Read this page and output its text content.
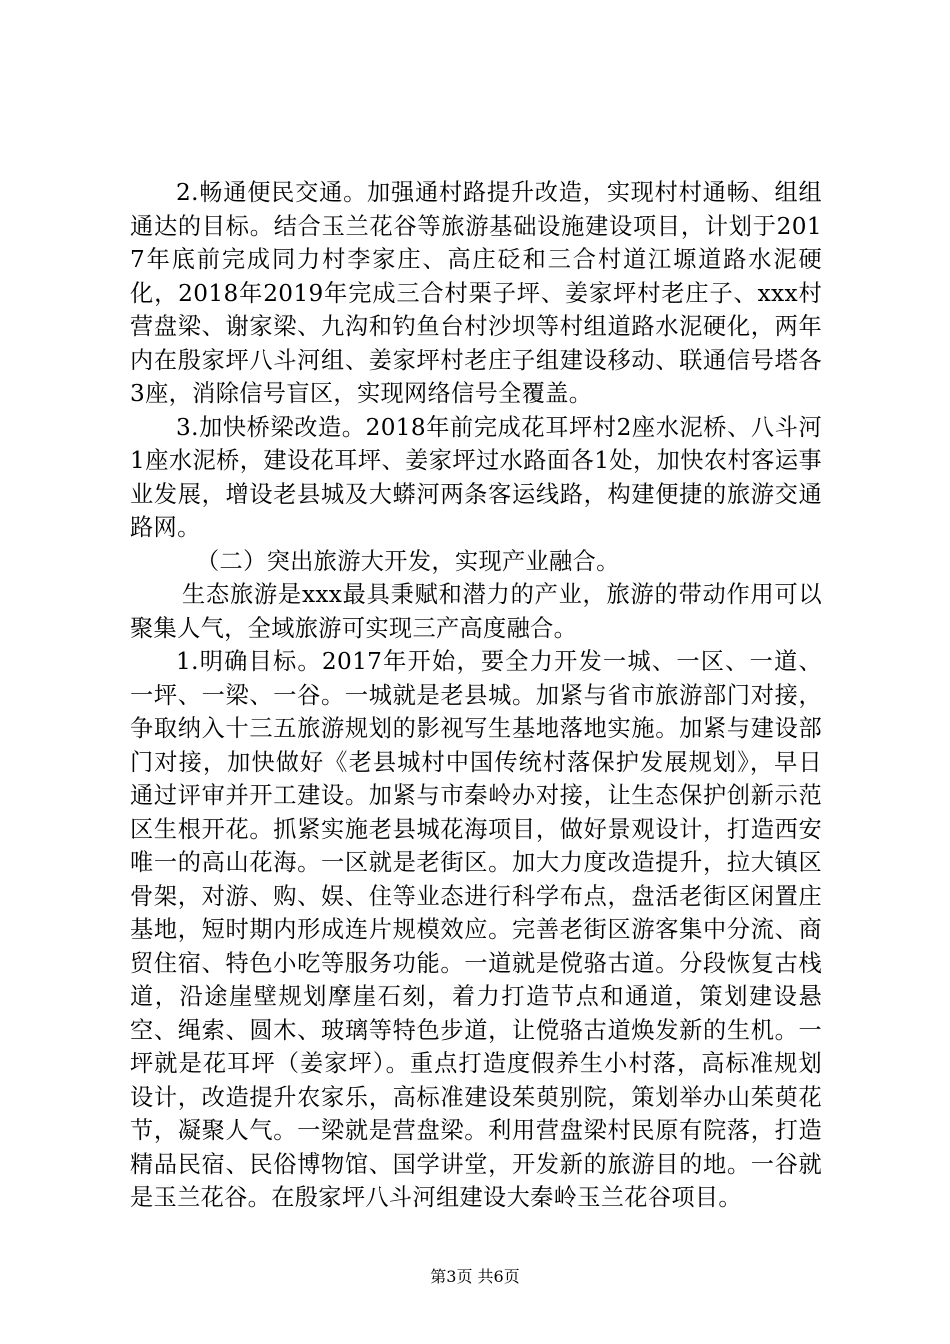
2.畅通便民交通。加强通村路提升改造，实现村村通畅、组组通达的目标。结合玉兰花谷等旅游基础设施建设项目，计划于2017年底前完成同力村李家庄、高庄砭和三合村道江塬道路水泥硬化，2018年2019年完成三合村栗子坪、姜家坪村老庄子、xxx村营盘梁、谢家梁、九沟和钓鱼台村沙坝等村组道路水泥硬化，两年内在殷家坪八斗河组、姜家坪村老庄子组建设移动、联通信号塔各3座，消除信号盲区，实现网络信号全覆盖。

3.加快桥梁改造。2018年前完成花耳坪村2座水泥桥、八斗河1座水泥桥，建设花耳坪、姜家坪过水路面各1处，加快农村客运事业发展，增设老县城及大蟒河两条客运线路，构建便捷的旅游交通路网。

（二）突出旅游大开发，实现产业融合。

生态旅游是xxx最具秉赋和潜力的产业，旅游的带动作用可以聚集人气，全域旅游可实现三产高度融合。

1.明确目标。2017年开始，要全力开发一城、一区、一道、一坪、一梁、一谷。一城就是老县城。加紧与省市旅游部门对接，争取纳入十三五旅游规划的影视写生基地落地实施。加紧与建设部门对接，加快做好《老县城村中国传统村落保护发展规划》，早日通过评审并开工建设。加紧与市秦岭办对接，让生态保护创新示范区生根开花。抓紧实施老县城花海项目，做好景观设计，打造西安唯一的高山花海。一区就是老街区。加大力度改造提升，拉大镇区骨架，对游、购、娱、住等业态进行科学布点，盘活老街区闲置庄基地，短时期内形成连片规模效应。完善老街区游客集中分流、商贸住宿、特色小吃等服务功能。一道就是傥骆古道。分段恢复古栈道，沿途崖壁规划摩崖石刻，着力打造节点和通道，策划建设悬空、绳索、圆木、玻璃等特色步道，让傥骆古道焕发新的生机。一坪就是花耳坪（姜家坪）。重点打造度假养生小村落，高标准规划设计，改造提升农家乐，高标准建设茱萸别院，策划举办山茱萸花节，凝聚人气。一梁就是营盘梁。利用营盘梁村民原有院落，打造精品民宿、民俗博物馆、国学讲堂，开发新的旅游目的地。一谷就是玉兰花谷。在殷家坪八斗河组建设大秦岭玉兰花谷项目。

第3页 共6页
